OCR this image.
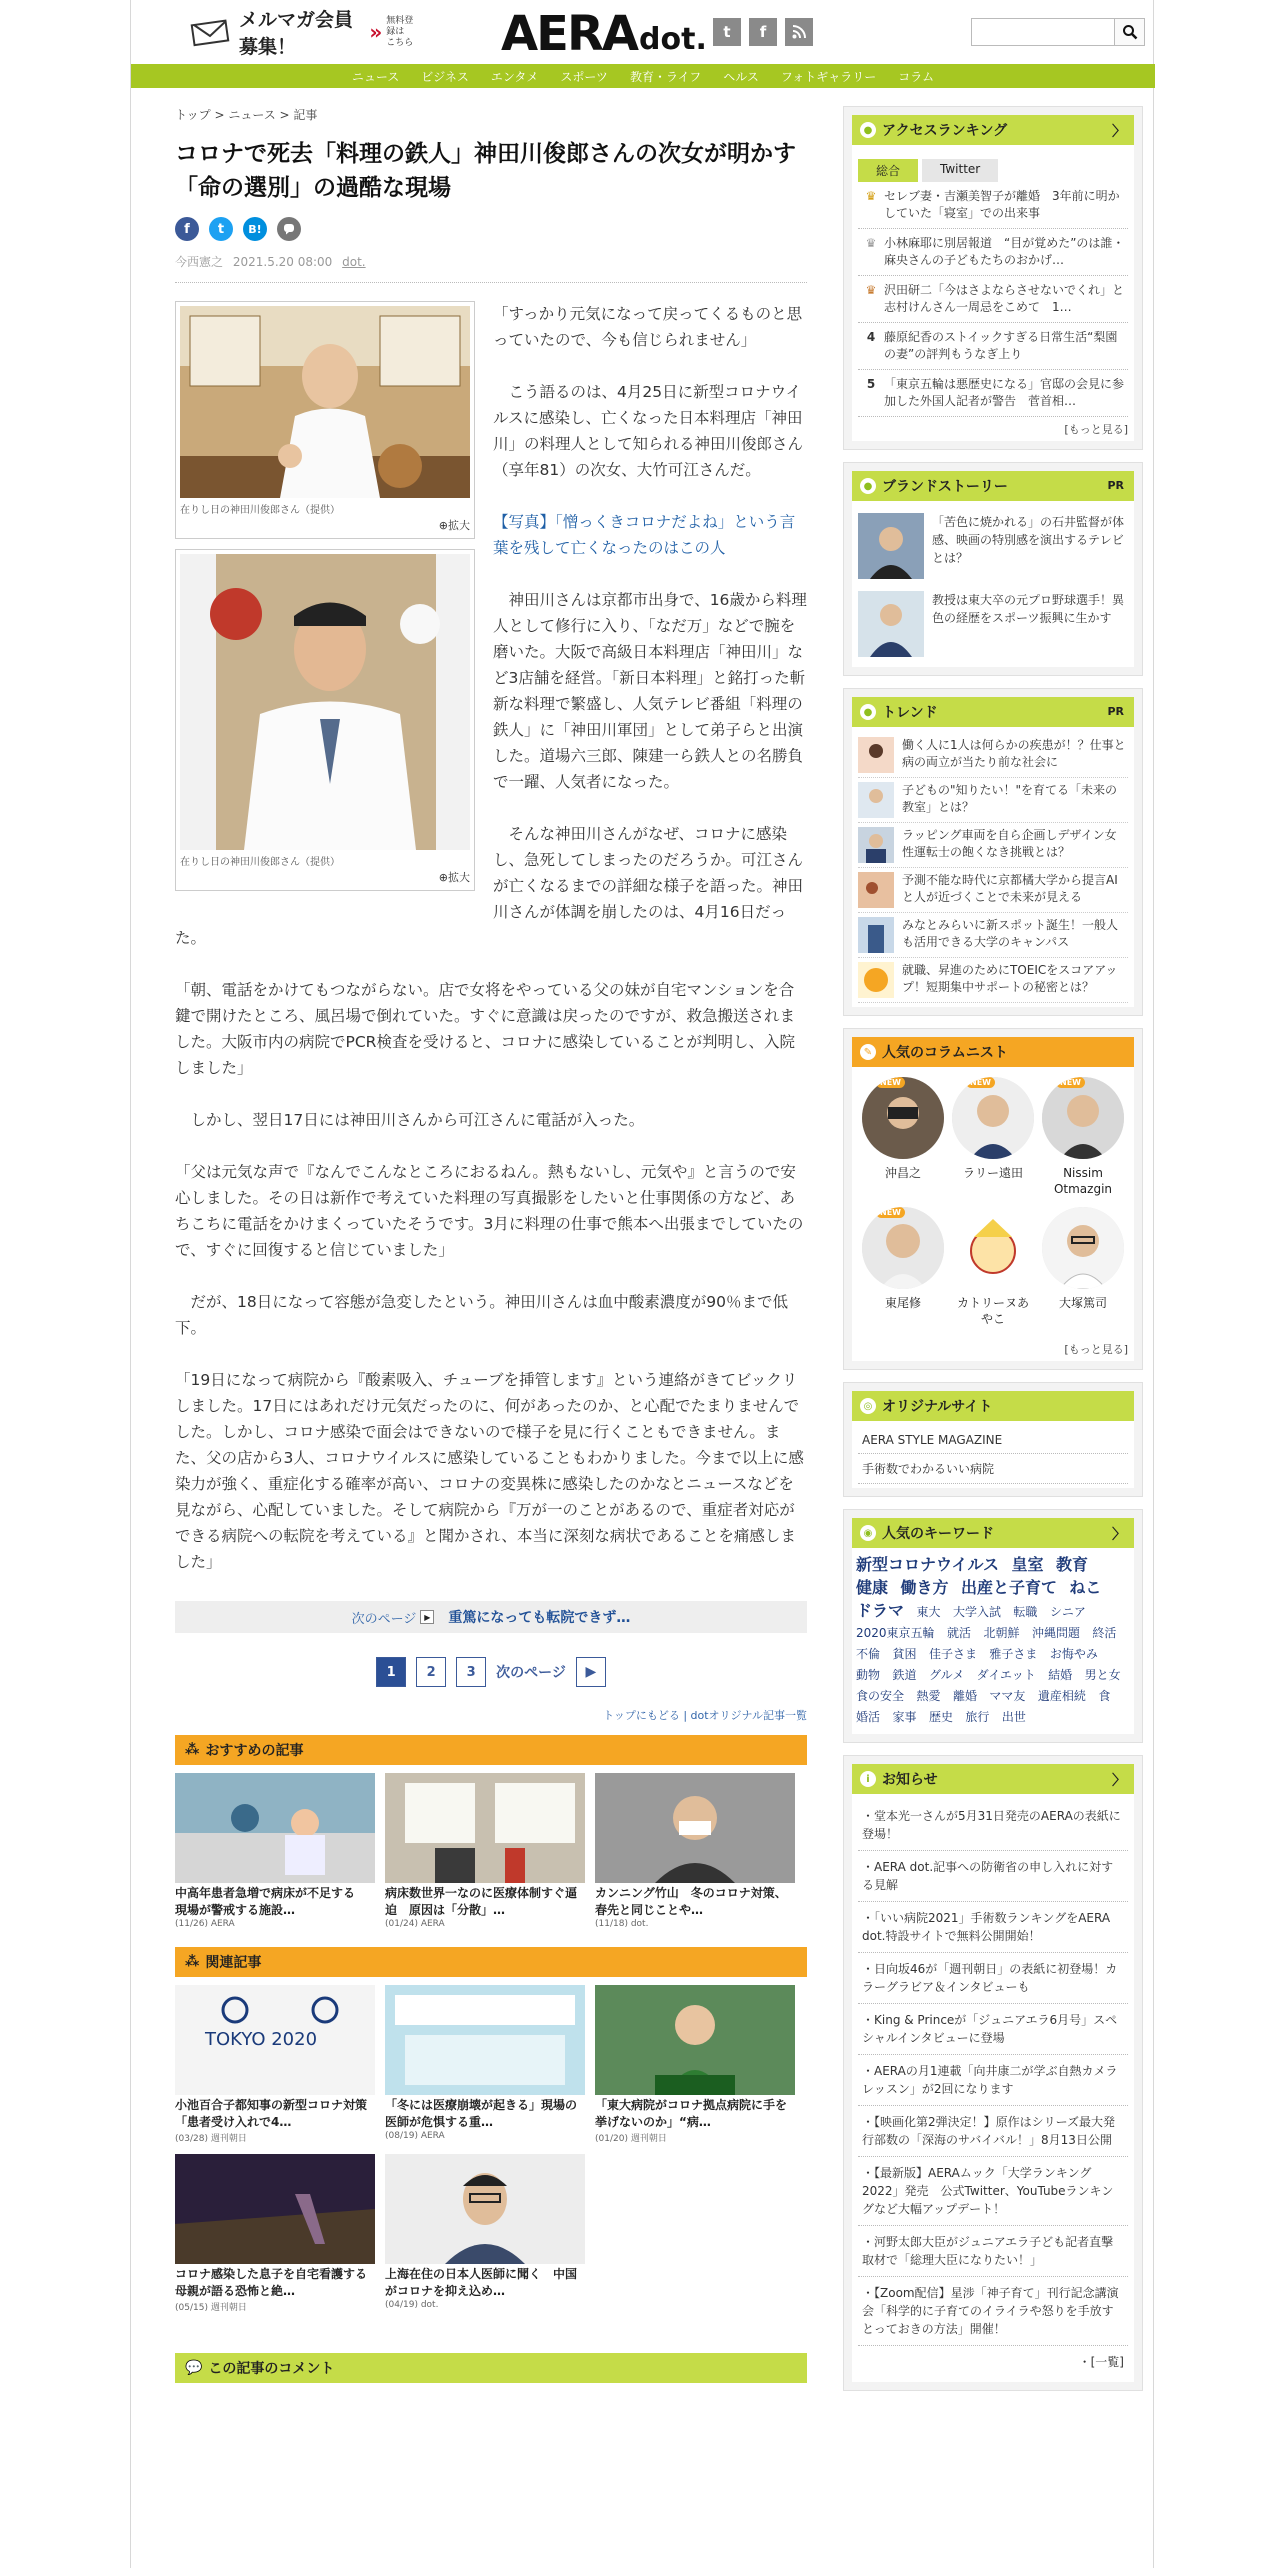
メルマガ会員募集！
» 無料登録は
こちら AERA dot.	t	f
ニュース ビジネス エンタメ スポーツ 教育・ライフ ヘルス フォトギャラリー コラム
トップ > ニュース > 記事
コロナで死去「料理の鉄人」神田川俊郎さんの次女が明かす「命の選別」の過酷な現場
f	t	B!
今西憲之 2021.5.20 08:00 dot.
在りし日の神田川俊郎さん（提供）
⊕拡大
在りし日の神田川俊郎さん（提供）
⊕拡大

「すっかり元気になって戻ってくるものと思っていたので、今も信じられません」

　こう語るのは、4月25日に新型コロナウイルスに感染し、亡くなった日本料理店「神田川」の料理人として知られる神田川俊郎さん（享年81）の次女、大竹可江さんだ。

【写真】「憎っくきコロナだよね」という言葉を残して亡くなったのはこの人

　神田川さんは京都市出身で、16歳から料理人として修行に入り、「なだ万」などで腕を磨いた。大阪で高級日本料理店「神田川」など3店舗を経営。「新日本料理」と銘打った斬新な料理で繁盛し、人気テレビ番組「料理の鉄人」に「神田川軍団」として弟子らと出演した。道場六三郎、陳建一ら鉄人との名勝負で一躍、人気者になった。

　そんな神田川さんがなぜ、コロナに感染し、急死してしまったのだろうか。可江さんが亡くなるまでの詳細な様子を語った。神田川さんが体調を崩したのは、4月16日だった。

「朝、電話をかけてもつながらない。店で女将をやっている父の妹が自宅マンションを合鍵で開けたところ、風呂場で倒れていた。すぐに意識は戻ったのですが、救急搬送されました。大阪市内の病院でPCR検査を受けると、コロナに感染していることが判明し、入院しました」

　しかし、翌日17日には神田川さんから可江さんに電話が入った。

「父は元気な声で『なんでこんなところにおるねん。熱もないし、元気や』と言うので安心しました。その日は新作で考えていた料理の写真撮影をしたいと仕事関係の方など、あちこちに電話をかけまくっていたそうです。3月に料理の仕事で熊本へ出張までしていたので、すぐに回復すると信じていました」

　だが、18日になって容態が急変したという。神田川さんは血中酸素濃度が90％まで低下。

「19日になって病院から『酸素吸入、チューブを挿管します』という連絡がきてビックリしました。17日にはあれだけ元気だったのに、何があったのか、と心配でたまりませんでした。しかし、コロナ感染で面会はできないので様子を見に行くこともできません。また、父の店から3人、コロナウイルスに感染していることもわかりました。今まで以上に感染力が強く、重症化する確率が高い、コロナの変異株に感染したのかなとニュースなどを見ながら、心配していました。そして病院から『万が一のことがあるので、重症者対応ができる病院への転院を考えている』と聞かされ、本当に深刻な病状であることを痛感しました」

次のページ ▶ 重篤になっても転院できず…
1	2	3	次のページ ▶
トップにもどる | dotオリジナル記事一覧
⁂ おすすめの記事
中高年患者急増で病床が不足する　現場が警戒する施設…
(11/26) AERA
病床数世界一なのに医療体制すぐ逼迫　原因は「分散」…
(01/24) AERA
カンニング竹山　冬のコロナ対策、春先と同じことや…
(11/18) dot.
⁂ 関連記事
TOKYO 2020
小池百合子都知事の新型コロナ対策「患者受け入れで4…
(03/28) 週刊朝日
「冬には医療崩壊が起きる」現場の医師が危惧する重…
(08/19) AERA
「東大病院がコロナ拠点病院に手を挙げないのか」“病…
(01/20) 週刊朝日
コロナ感染した息子を自宅看護する母親が語る恐怖と絶…
(05/15) 週刊朝日
上海在住の日本人医師に聞く　中国がコロナを抑え込め…
(04/19) dot.
💬 この記事のコメント
● アクセスランキング	〉
総合	Twitter
♛ セレブ妻・吉瀬美智子が離婚　3年前に明かしていた「寝室」での出来事
♛ 小林麻耶に別居報道　“目が覚めた”のは誰・麻央さんの子どもたちのおかげ…
♛ 沢田研二「今はさよならさせないでくれ」と志村けんさん一周忌をこめて　1…
4 藤原紀香のストイックすぎる日常生活“梨園の妻”の評判もうなぎ上り
5 「東京五輪は悪歴史になる」官邸の会見に参加した外国人記者が警告　菅首相…
[もっと見る]
● ブランドストーリー	PR
「苦色に焼かれる」の石井監督が体感、映画の特別感を演出するテレビとは？
教授は東大卒の元プロ野球選手！異色の経歴をスポーツ振興に生かす
● トレンド	PR
働く人に1人は何らかの疾患が！？仕事と病の両立が当たり前な社会に
子どもの"知りたい！"を育てる「未来の教室」とは？
ラッピング車両を自ら企画しデザイン女性運転士の飽くなき挑戦とは？
予測不能な時代に京都橘大学から提言AIと人が近づくことで未来が見える
みなとみらいに新スポット誕生！一般人も活用できる大学のキャンパス
就職、昇進のためにTOEICをスコアアップ！短期集中サポートの秘密とは？
✎ 人気のコラムニスト
NEW
沖昌之
NEW
ラリー遠田
NEW
Nissim Otmazgin
NEW
東尾修	カトリーヌあやこ
大塚篤司
[もっと見る]
◎ オリジナルサイト
AERA STYLE MAGAZINE
手術数でわかるいい病院
◉ 人気のキーワード	〉
新型コロナウイルス 皇室 教育 健康 働き方 出産と子育て ねこ ドラマ 東大 大学入試 転職 シニア 2020東京五輪 就活 北朝鮮 沖縄問題 終活 不倫 貧困 佳子さま 雅子さま お悔やみ 動物 鉄道 グルメ ダイエット 結婚 男と女 食の安全 熱愛 離婚 ママ友 遺産相続 食 婚活 家事 歴史 旅行 出世
i お知らせ	〉
・ 堂本光一さんが5月31日発売のAERAの表紙に登場！
・ AERA dot.記事への防衛省の申し入れに対する見解
・ 「いい病院2021」手術数ランキングをAERA dot.特設サイトで無料公開開始！
・ 日向坂46が「週刊朝日」の表紙に初登場！カラーグラビア＆インタビューも
・ King & Princeが「ジュニアエラ6月号」スペシャルインタビューに登場
・ AERAの月1連載「向井康二が学ぶ自熱カメラレッスン」が2回になります
・ 【映画化第2弾決定！】原作はシリーズ最大発行部数の「深海のサバイバル！」8月13日公開
・ 【最新版】AERAムック「大学ランキング2022」発売　公式Twitter、YouTubeランキングなど大幅アップデート！
・ 河野太郎大臣がジュニアエラ子ども記者直撃取材で「総理大臣になりたい！」
・ 【Zoom配信】星涉「神子育て」刊行記念講演会「科学的に子育てのイライラや怒りを手放すとっておきの方法」開催！
・ [一覧]
